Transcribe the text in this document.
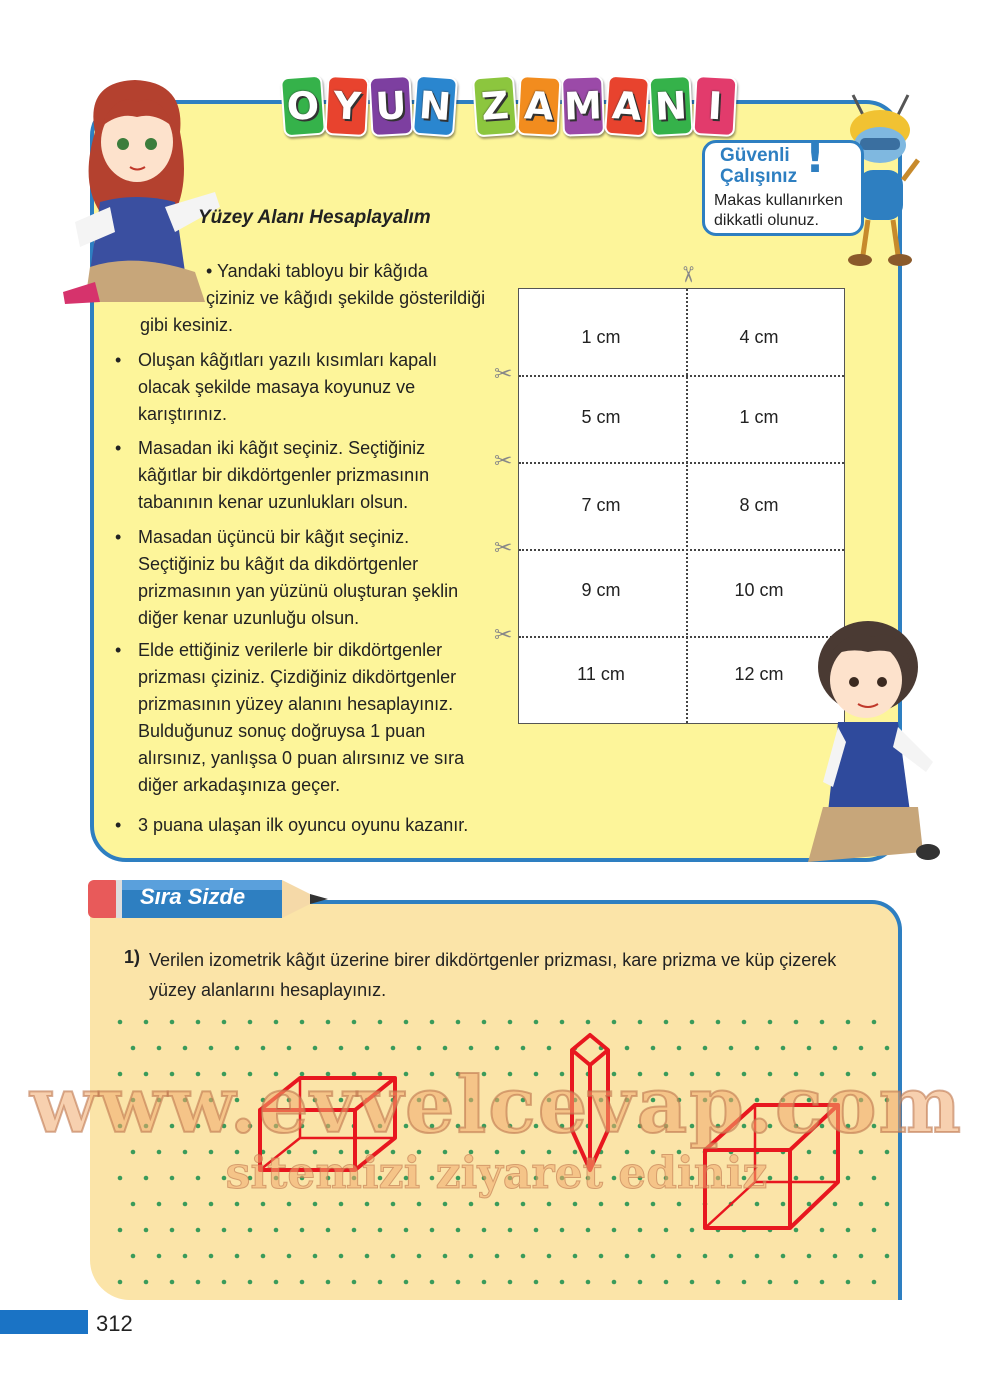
O Y U N Z A M A N I
Güvenli Çalışınız !
Makas kullanırken dikkatli olunuz.
Yüzey Alanı Hesaplayalım
• Yandaki tabloyu bir kâğıda
çiziniz ve kâğıdı şekilde gösterildiği
gibi kesiniz.
• Oluşan kâğıtları yazılı kısımları kapalı
olacak şekilde masaya koyunuz ve
karıştırınız.
• Masadan iki kâğıt seçiniz. Seçtiğiniz
kâğıtlar bir dikdörtgenler prizmasının
tabanının kenar uzunlukları olsun.
• Masadan üçüncü bir kâğıt seçiniz.
Seçtiğiniz bu kâğıt da dikdörtgenler
prizmasının yan yüzünü oluşturan şeklin
diğer kenar uzunluğu olsun.
• Elde ettiğiniz verilerle bir dikdörtgenler
prizması çiziniz. Çizdiğiniz dikdörtgenler
prizmasının yüzey alanını hesaplayınız.
Bulduğunuz sonuç doğruysa 1 puan
alırsınız, yanlışsa 0 puan alırsınız ve sıra
diğer arkadaşınıza geçer.
• 3 puana ulaşan ilk oyuncu oyunu kazanır.
1 cm	4 cm
5 cm	1 cm
7 cm	8 cm
9 cm	10 cm
11 cm	12 cm
✂
✂
✂
✂
✂
Sıra Sizde
1) Verilen izometrik kâğıt üzerine birer dikdörtgenler prizması, kare prizma ve küp çizerek yüzey alanlarını hesaplayınız.
www.evvelcevap.com
sitemizi ziyaret ediniz
312
